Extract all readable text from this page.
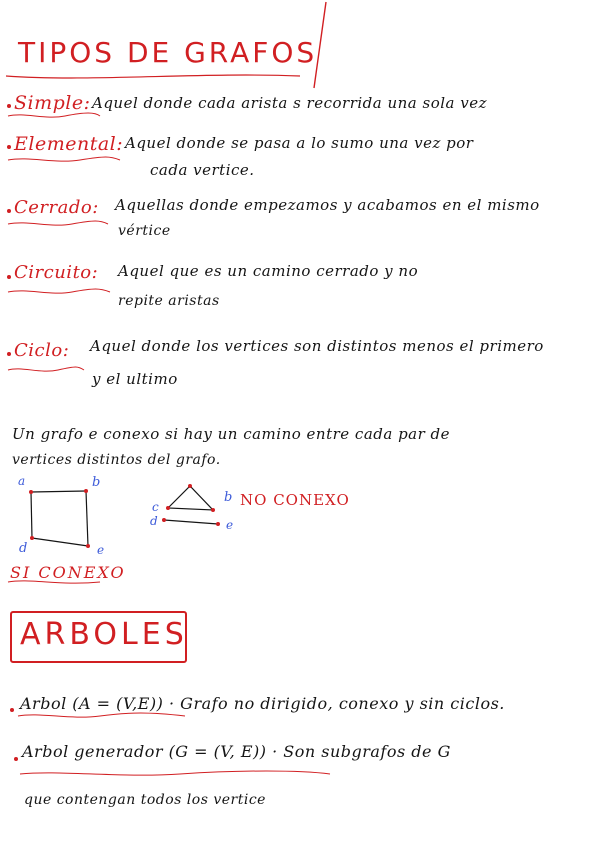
TIPOS DE GRAFOS
Simple: Aquel donde cada arista s recorrida una sola vez
Elemental: Aquel donde se pasa a lo sumo una vez por
cada vertice.
Cerrado: Aquellas donde empezamos y acabamos en el mismo
vértice
Circuito: Aquel que es un camino cerrado y no
repite aristas
Ciclo: Aquel donde los vertices son distintos menos el primero
y el ultimo
Un grafo e conexo si hay un camino entre cada par de
vertices distintos del grafo.
a	b
d	e
SI CONEXO
c
b
d	e
NO CONEXO
ARBOLES
Arbol (A = (V,E)) · Grafo no dirigido, conexo y sin ciclos.
Arbol generador (G = (V, E)) · Son subgrafos de G
que contengan todos los vertice
